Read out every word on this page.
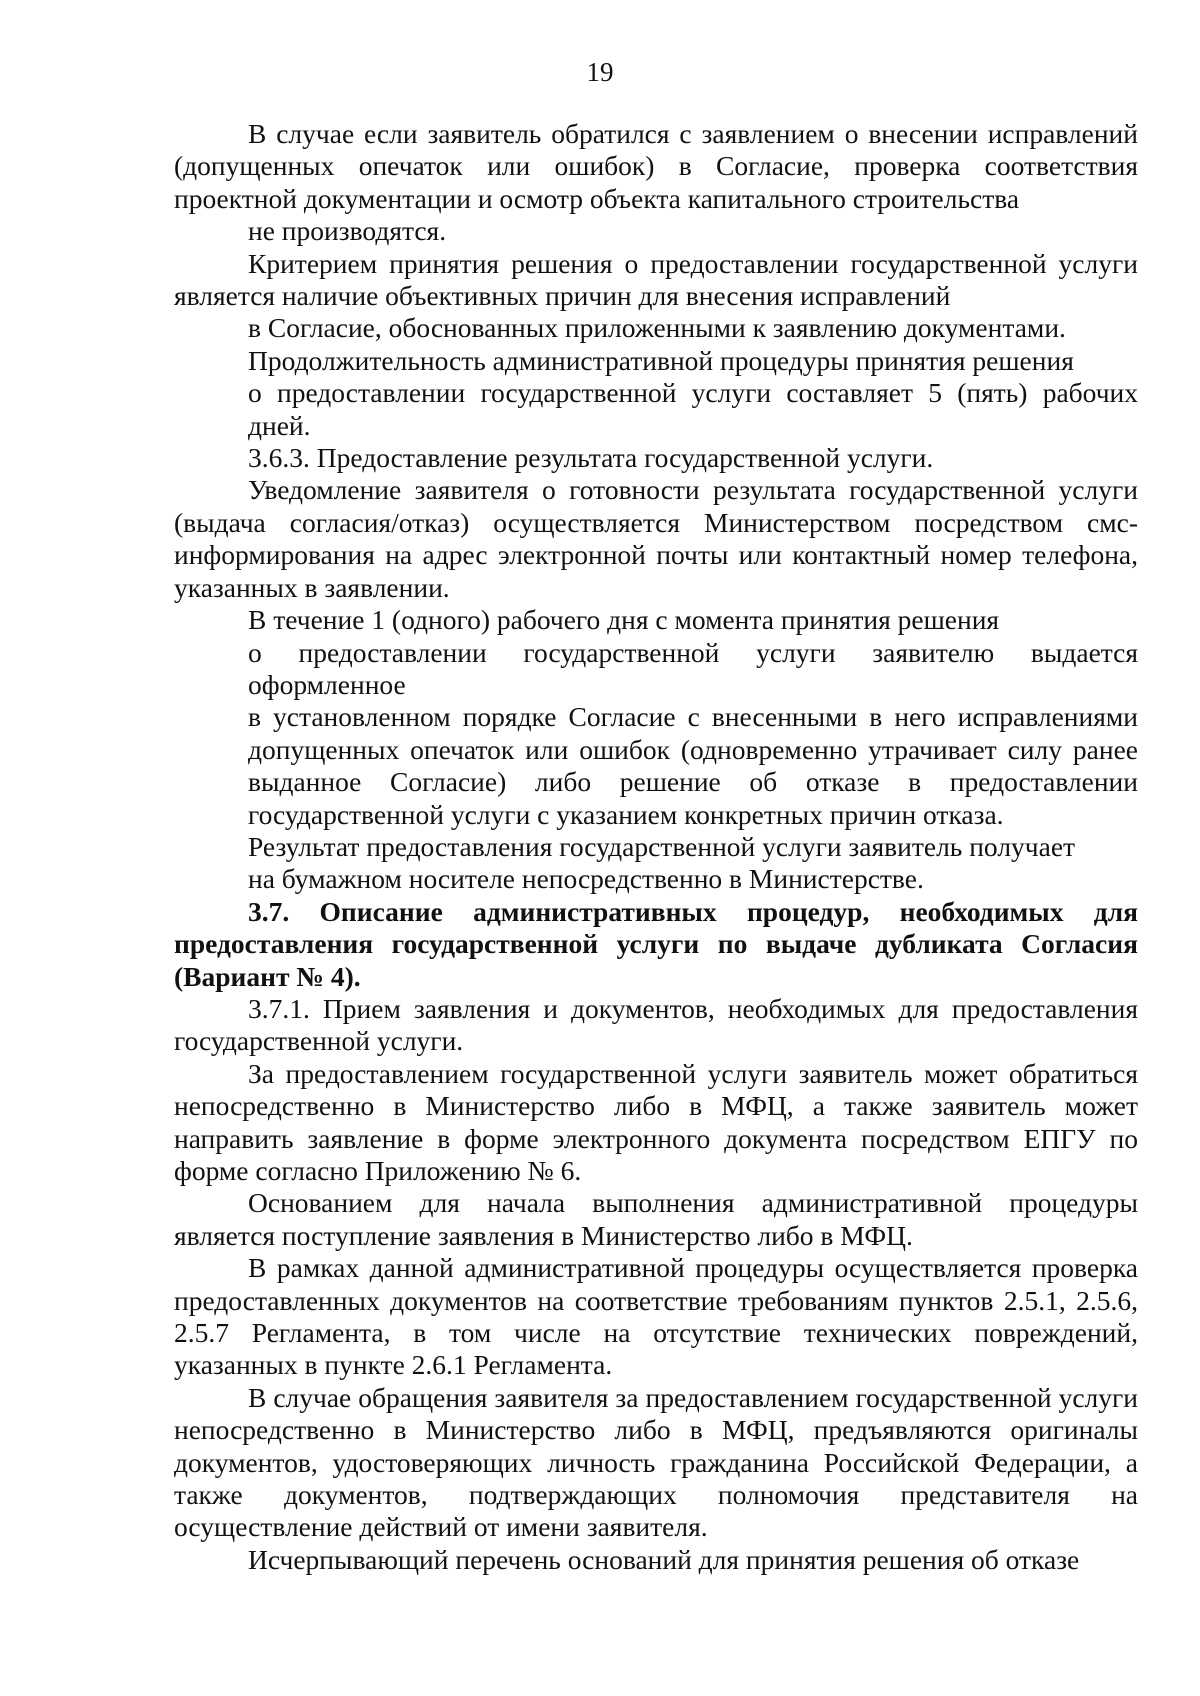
19

В случае если заявитель обратился с заявлением о внесении исправлений (допущенных опечаток или ошибок) в Согласие, проверка соответствия проектной документации и осмотр объекта капитального строительства

не производятся.

Критерием принятия решения о предоставлении государственной услуги является наличие объективных причин для внесения исправлений

в Согласие, обоснованных приложенными к заявлению документами.

Продолжительность административной процедуры принятия решения

о предоставлении государственной услуги составляет 5 (пять) рабочих дней.

3.6.3. Предоставление результата государственной услуги.

Уведомление заявителя о готовности результата государственной услуги (выдача согласия/отказ) осуществляется Министерством посредством смс-информирования на адрес электронной почты или контактный номер телефона, указанных в заявлении.

В течение 1 (одного) рабочего дня с момента принятия решения

о предоставлении государственной услуги заявителю выдается оформленное

в установленном порядке Согласие с внесенными в него исправлениями допущенных опечаток или ошибок (одновременно утрачивает силу ранее выданное Согласие) либо решение об отказе в предоставлении государственной услуги с указанием конкретных причин отказа.

Результат предоставления государственной услуги заявитель получает

на бумажном носителе непосредственно в Министерстве.

3.7. Описание административных процедур, необходимых для предоставления государственной услуги по выдаче дубликата Согласия (Вариант № 4).

3.7.1. Прием заявления и документов, необходимых для предоставления государственной услуги.

За предоставлением государственной услуги заявитель может обратиться непосредственно в Министерство либо в МФЦ, а также заявитель может направить заявление в форме электронного документа посредством ЕПГУ по форме согласно Приложению № 6.

Основанием для начала выполнения административной процедуры является поступление заявления в Министерство либо в МФЦ.

В рамках данной административной процедуры осуществляется проверка предоставленных документов на соответствие требованиям пунктов 2.5.1, 2.5.6, 2.5.7 Регламента, в том числе на отсутствие технических повреждений, указанных в пункте 2.6.1 Регламента.

В случае обращения заявителя за предоставлением государственной услуги непосредственно в Министерство либо в МФЦ, предъявляются оригиналы документов, удостоверяющих личность гражданина Российской Федерации, а также документов, подтверждающих полномочия представителя на осуществление действий от имени заявителя.

Исчерпывающий перечень оснований для принятия решения об отказе
